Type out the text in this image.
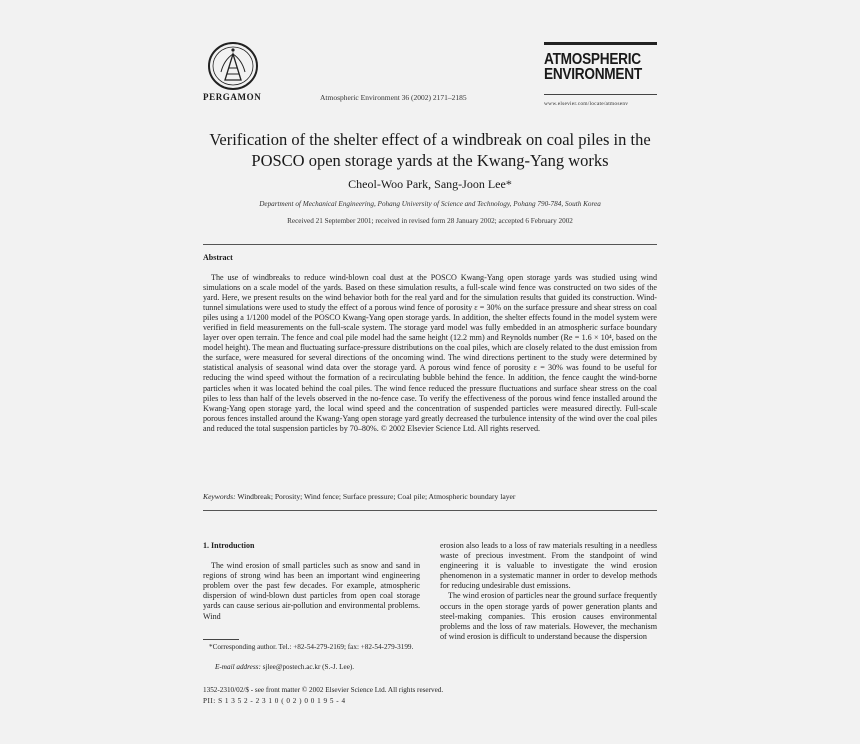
PERGAMON	Atmospheric Environment 36 (2002) 2171–2185
ATMOSPHERIC
ENVIRONMENT
www.elsevier.com/locate/atmosenv
Verification of the shelter effect of a windbreak on coal piles in the POSCO open storage yards at the Kwang-Yang works
Cheol-Woo Park, Sang-Joon Lee*
Department of Mechanical Engineering, Pohang University of Science and Technology, Pohang 790-784, South Korea
Received 21 September 2001; received in revised form 28 January 2002; accepted 6 February 2002
Abstract

The use of windbreaks to reduce wind-blown coal dust at the POSCO Kwang-Yang open storage yards was studied using wind simulations on a scale model of the yards. Based on these simulation results, a full-scale wind fence was constructed on two sides of the yard. Here, we present results on the wind behavior both for the real yard and for the simulation results that guided its construction. Wind-tunnel simulations were used to study the effect of a porous wind fence of porosity ε = 30% on the surface pressure and shear stress on coal piles using a 1/1200 model of the POSCO Kwang-Yang open storage yards. In addition, the shelter effects found in the model system were verified in field measurements on the full-scale system. The storage yard model was fully embedded in an atmospheric surface boundary layer over open terrain. The fence and coal pile model had the same height (12.2 mm) and Reynolds number (Re = 1.6 × 10⁴, based on the model height). The mean and fluctuating surface-pressure distributions on the coal piles, which are closely related to the dust emission from the surface, were measured for several directions of the oncoming wind. The wind directions pertinent to the study were determined by statistical analysis of seasonal wind data over the storage yard. A porous wind fence of porosity ε = 30% was found to be useful for reducing the wind speed without the formation of a recirculating bubble behind the fence. In addition, the fence caught the wind-borne particles when it was located behind the coal piles. The wind fence reduced the pressure fluctuations and surface shear stress on the coal piles to less than half of the levels observed in the no-fence case. To verify the effectiveness of the porous wind fence installed around the Kwang-Yang open storage yard, the local wind speed and the concentration of suspended particles were measured directly. Full-scale porous fences installed around the Kwang-Yang open storage yard greatly decreased the turbulence intensity of the wind over the coal piles and reduced the total suspension particles by 70–80%. © 2002 Elsevier Science Ltd. All rights reserved.

Keywords: Windbreak; Porosity; Wind fence; Surface pressure; Coal pile; Atmospheric boundary layer
1. Introduction

The wind erosion of small particles such as snow and sand in regions of strong wind has been an important wind engineering problem over the past few decades. For example, atmospheric dispersion of wind-blown dust particles from open coal storage yards can cause serious air-pollution and environmental problems. Wind

erosion also leads to a loss of raw materials resulting in a needless waste of precious investment. From the standpoint of wind engineering it is valuable to investigate the wind erosion phenomenon in a systematic manner in order to develop methods for reducing undesirable dust emissions.

The wind erosion of particles near the ground surface frequently occurs in the open storage yards of power generation plants and steel-making companies. This erosion causes environmental problems and the loss of raw materials. However, the mechanism of wind erosion is difficult to understand because the dispersion

*Corresponding author. Tel.: +82-54-279-2169; fax: +82-54-279-3199.

E-mail address: sjlee@postech.ac.kr (S.-J. Lee).
1352-2310/02/$ - see front matter © 2002 Elsevier Science Ltd. All rights reserved.
PII: S 1 3 5 2 - 2 3 1 0 ( 0 2 ) 0 0 1 9 5 - 4
